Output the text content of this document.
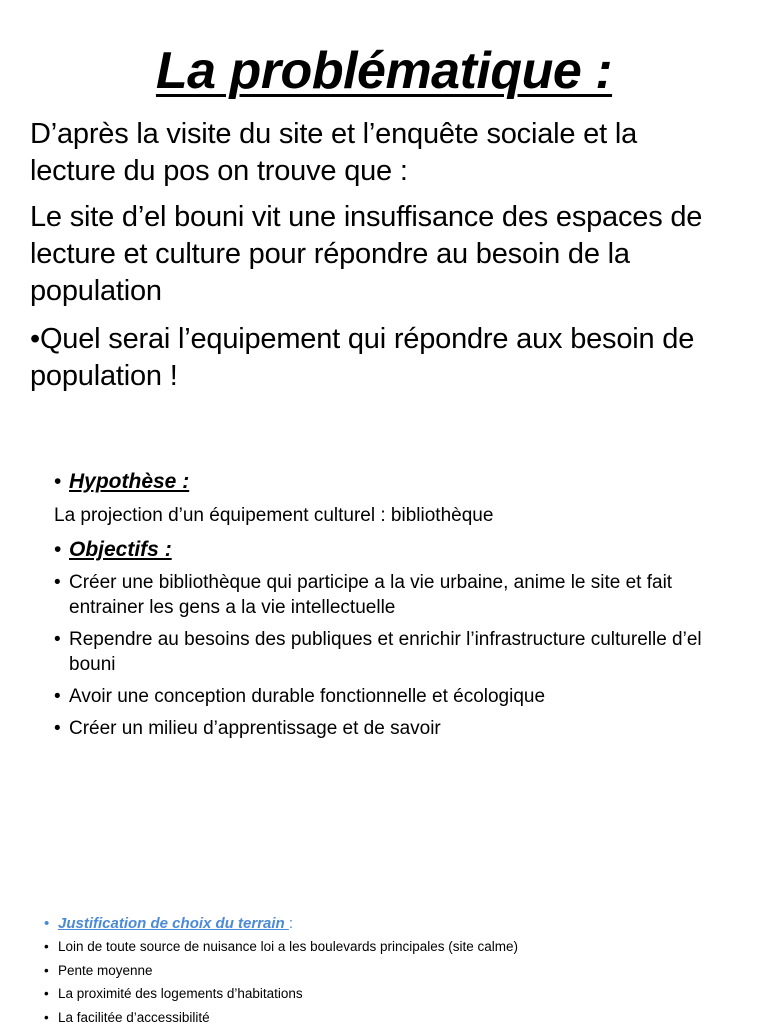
La problématique :

D’après la visite du site et l’enquête sociale et la lecture du pos on trouve que :

Le site d’el bouni vit une insuffisance des espaces de lecture et culture pour répondre au besoin de la population

•Quel serai l’equipement qui répondre aux besoin de population !

• Hypothèse :
La projection d’un équipement culturel : bibliothèque
• Objectifs :
• Créer une bibliothèque qui participe a la vie urbaine, anime le site et fait entrainer les gens a la vie intellectuelle
• Rependre au besoins des publiques et enrichir l’infrastructure culturelle d’el bouni
• Avoir une conception durable fonctionnelle et écologique
• Créer un milieu d’apprentissage et de savoir
• Justification de choix du terrain :
• Loin de toute source de nuisance loi a les boulevards principales (site calme)
• Pente moyenne
• La proximité des logements d’habitations
• La facilitée d’accessibilité
